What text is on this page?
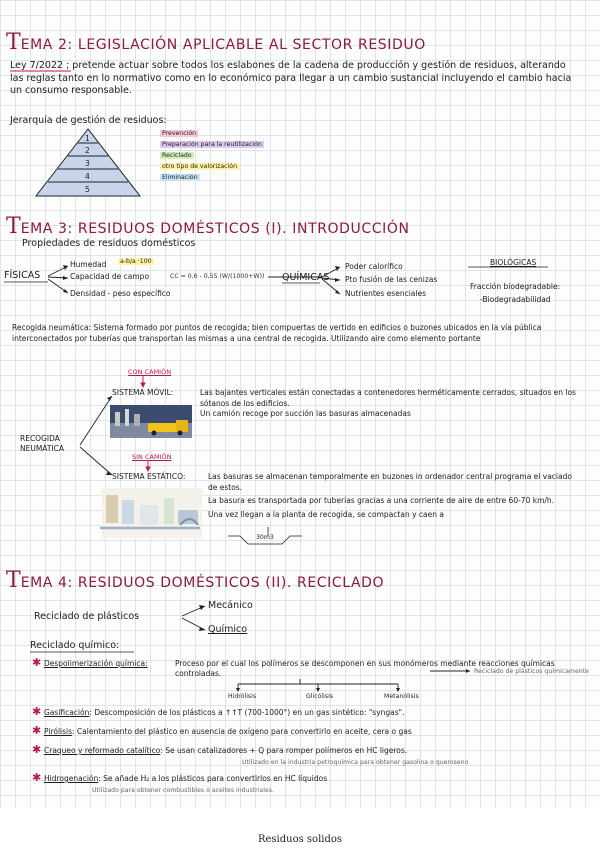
TEMA 2: LEGISLACIÓN APLICABLE AL SECTOR RESIDUO
Ley 7/2022 ; pretende actuar sobre todos los eslabones de la cadena de producción y gestión de residuos, alterando las reglas tanto en lo normativo como en lo económico para llegar a un cambio sustancial incluyendo el cambio hacia un consumo responsable.
Jerarquía de gestión de residuos:
1
2
3
4
5
Prevención
Preparación para la reutilización
Reciclado
otro tipo de valorización
Eliminación
TEMA 3: RESIDUOS DOMÉSTICOS (I). INTRODUCCIÓN
Propiedades de residuos domésticos
FÍSICAS
Humedad	a-b/a ·100
Capacidad de campo	CC = 0,6 - 0,55 (W/(1000+W))
Densidad - peso específico
QUÍMICAS
Poder calorífico
Pto fusión de las cenizas
Nutrientes esenciales
BIOLÓGICAS
Fracción biodegradable:
-Biodegradabilidad
Recogida neumática: Sistema formado por puntos de recogida; bien compuertas de vertido en edificios o buzones ubicados en la vía pública interconectados por tuberías que transportan las mismas a una central de recogida. Utilizando aire como elemento portante
RECOGIDA
NEUMÁTICA
CON CAMIÓN
SISTEMA MÓVIL:	Las bajantes verticales están conectadas a contenedores herméticamente cerrados, situados en los sótanos de los edificios.
Un camión recoge por succión las basuras almacenadas
SIN CAMIÓN
SISTEMA ESTÁTICO:	Las basuras se almacenan temporalmente en buzones in ordenador central programa el vaciado de estos.
La basura es transportada por tuberías gracias a una corriente de aire de entre 60-70 km/h.
Una vez llegan a la planta de recogida, se compactan y caen a
30m3
TEMA 4: RESIDUOS DOMÉSTICOS (II). RECICLADO
Reciclado de plásticos
Mecánico
Químico
Reciclado químico:
✱ Despolimerización química:	Proceso por el cual los polímeros se descomponen en sus monómeros mediante reacciones químicas controladas.	Reciclado de plásticos químicamente
Hidrólisis	Glicólisis	Metanólisis
✱ Gasificación: Descomposición de los plásticos a ↑↑T (700-1000°) en un gas sintético: "syngas".
✱ Pirólisis: Calentamiento del plástico en ausencia de oxígeno para convertirlo en aceite, cera o gas
✱ Craqueo y reformado catalítico: Se usan catalizadores + Q para romper polímeros en HC ligeros.
Utilizado en la industria petroquímica para obtener gasolina o queroseno
✱ Hidrogenación: Se añade H₂ a los plásticos para convertirlos en HC líquidos
Utilizado para obtener combustibles o aceites industriales.
Residuos solidos
